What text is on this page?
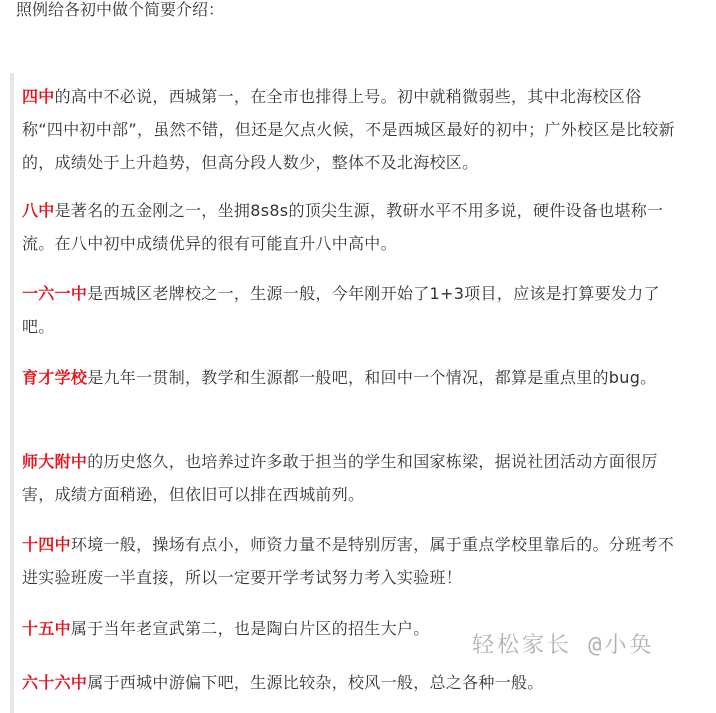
照例给各初中做个简要介绍：

四中的高中不必说，西城第一，在全市也排得上号。初中就稍微弱些，其中北海校区俗称“四中初中部”，虽然不错，但还是欠点火候，不是西城区最好的初中；广外校区是比较新的，成绩处于上升趋势，但高分段人数少，整体不及北海校区。

八中是著名的五金刚之一，坐拥8s8s的顶尖生源，教研水平不用多说，硬件设备也堪称一流。在八中初中成绩优异的很有可能直升八中高中。

一六一中是西城区老牌校之一，生源一般，今年刚开始了1+3项目，应该是打算要发力了吧。

育才学校是九年一贯制，教学和生源都一般吧，和回中一个情况，都算是重点里的bug。

师大附中的历史悠久，也培养过许多敢于担当的学生和国家栋梁，据说社团活动方面很厉害，成绩方面稍逊，但依旧可以排在西城前列。

十四中环境一般，操场有点小，师资力量不是特别厉害，属于重点学校里靠后的。分班考不进实验班废一半直接，所以一定要开学考试努力考入实验班！

十五中属于当年老宣武第二，也是陶白片区的招生大户。

六十六中属于西城中游偏下吧，生源比较杂，校风一般，总之各种一般。

轻松家长 @小奂
